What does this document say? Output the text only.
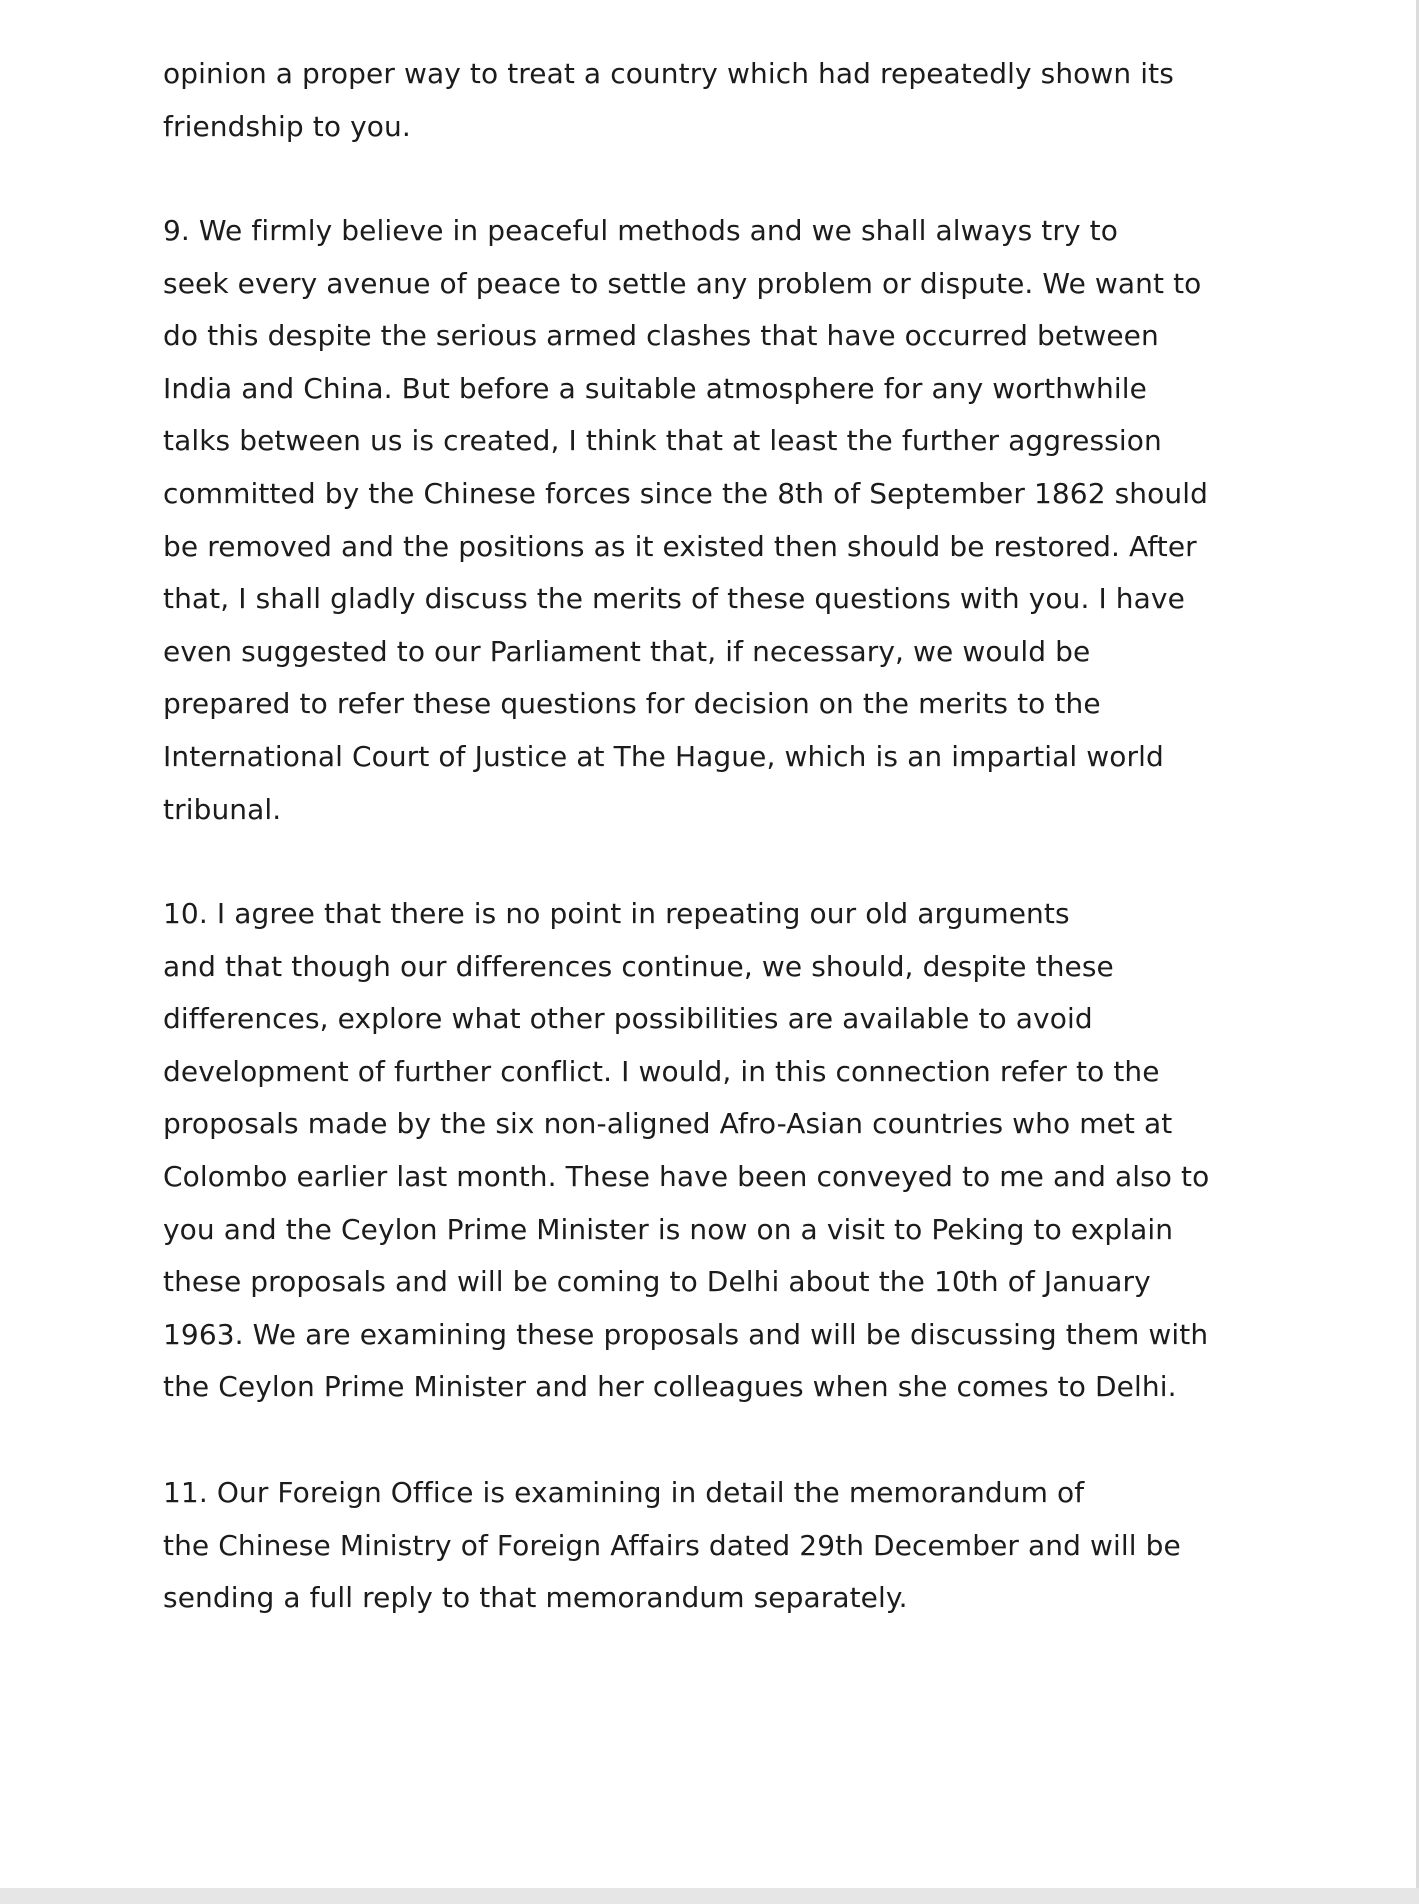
opinion a proper way to treat a country which had repeatedly shown its
friendship to you.
9. We firmly believe in peaceful methods and we shall always try to
seek every avenue of peace to settle any problem or dispute. We want to
do this despite the serious armed clashes that have occurred between
India and China. But before a suitable atmosphere for any worthwhile
talks between us is created, I think that at least the further aggression
committed by the Chinese forces since the 8th of September 1862 should
be removed and the positions as it existed then should be restored. After
that, I shall gladly discuss the merits of these questions with you. I have
even suggested to our Parliament that, if necessary, we would be
prepared to refer these questions for decision on the merits to the
International Court of Justice at The Hague, which is an impartial world
tribunal.
10. I agree that there is no point in repeating our old arguments
and that though our differences continue, we should, despite these
differences, explore what other possibilities are available to avoid
development of further conflict. I would, in this connection refer to the
proposals made by the six non-aligned Afro-Asian countries who met at
Colombo earlier last month. These have been conveyed to me and also to
you and the Ceylon Prime Minister is now on a visit to Peking to explain
these proposals and will be coming to Delhi about the 10th of January
1963. We are examining these proposals and will be discussing them with
the Ceylon Prime Minister and her colleagues when she comes to Delhi.
11. Our Foreign Office is examining in detail the memorandum of
the Chinese Ministry of Foreign Affairs dated 29th December and will be
sending a full reply to that memorandum separately.
